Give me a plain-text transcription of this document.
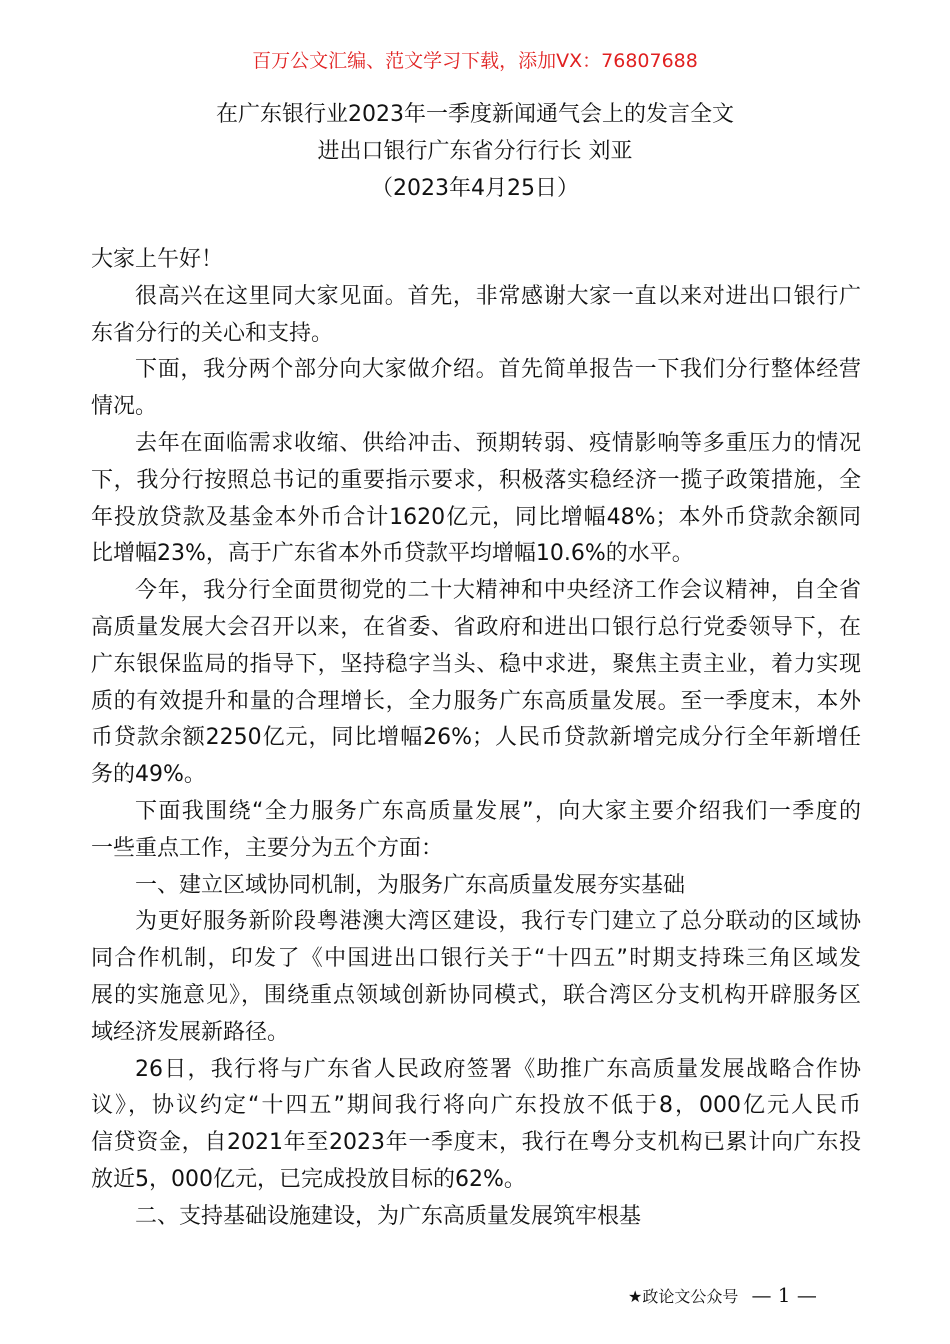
百万公文汇编、范文学习下载，添加VX：76807688
在广东银行业2023年一季度新闻通气会上的发言全文
进出口银行广东省分行行长 刘亚
（2023年4月25日）
大家上午好！
很高兴在这里同大家见面。首先，非常感谢大家一直以来对进出口银行广
东省分行的关心和支持。
下面，我分两个部分向大家做介绍。首先简单报告一下我们分行整体经营
情况。
去年在面临需求收缩、供给冲击、预期转弱、疫情影响等多重压力的情况
下，我分行按照总书记的重要指示要求，积极落实稳经济一揽子政策措施，全
年投放贷款及基金本外币合计1620亿元，同比增幅48%；本外币贷款余额同
比增幅23%，高于广东省本外币贷款平均增幅10.6%的水平。
今年，我分行全面贯彻党的二十大精神和中央经济工作会议精神，自全省
高质量发展大会召开以来，在省委、省政府和进出口银行总行党委领导下，在
广东银保监局的指导下，坚持稳字当头、稳中求进，聚焦主责主业，着力实现
质的有效提升和量的合理增长，全力服务广东高质量发展。至一季度末，本外
币贷款余额2250亿元，同比增幅26%；人民币贷款新增完成分行全年新增任
务的49%。
下面我围绕“全力服务广东高质量发展”，向大家主要介绍我们一季度的
一些重点工作，主要分为五个方面：
一、建立区域协同机制，为服务广东高质量发展夯实基础
为更好服务新阶段粤港澳大湾区建设，我行专门建立了总分联动的区域协
同合作机制，印发了《中国进出口银行关于“十四五”时期支持珠三角区域发
展的实施意见》，围绕重点领域创新协同模式，联合湾区分支机构开辟服务区
域经济发展新路径。
26日，我行将与广东省人民政府签署《助推广东高质量发展战略合作协
议》，协议约定“十四五”期间我行将向广东投放不低于8，000亿元人民币
信贷资金，自2021年至2023年一季度末，我行在粤分支机构已累计向广东投
放近5，000亿元，已完成投放目标的62%。
二、支持基础设施建设，为广东高质量发展筑牢根基
★政论文公众号 — 1 —
